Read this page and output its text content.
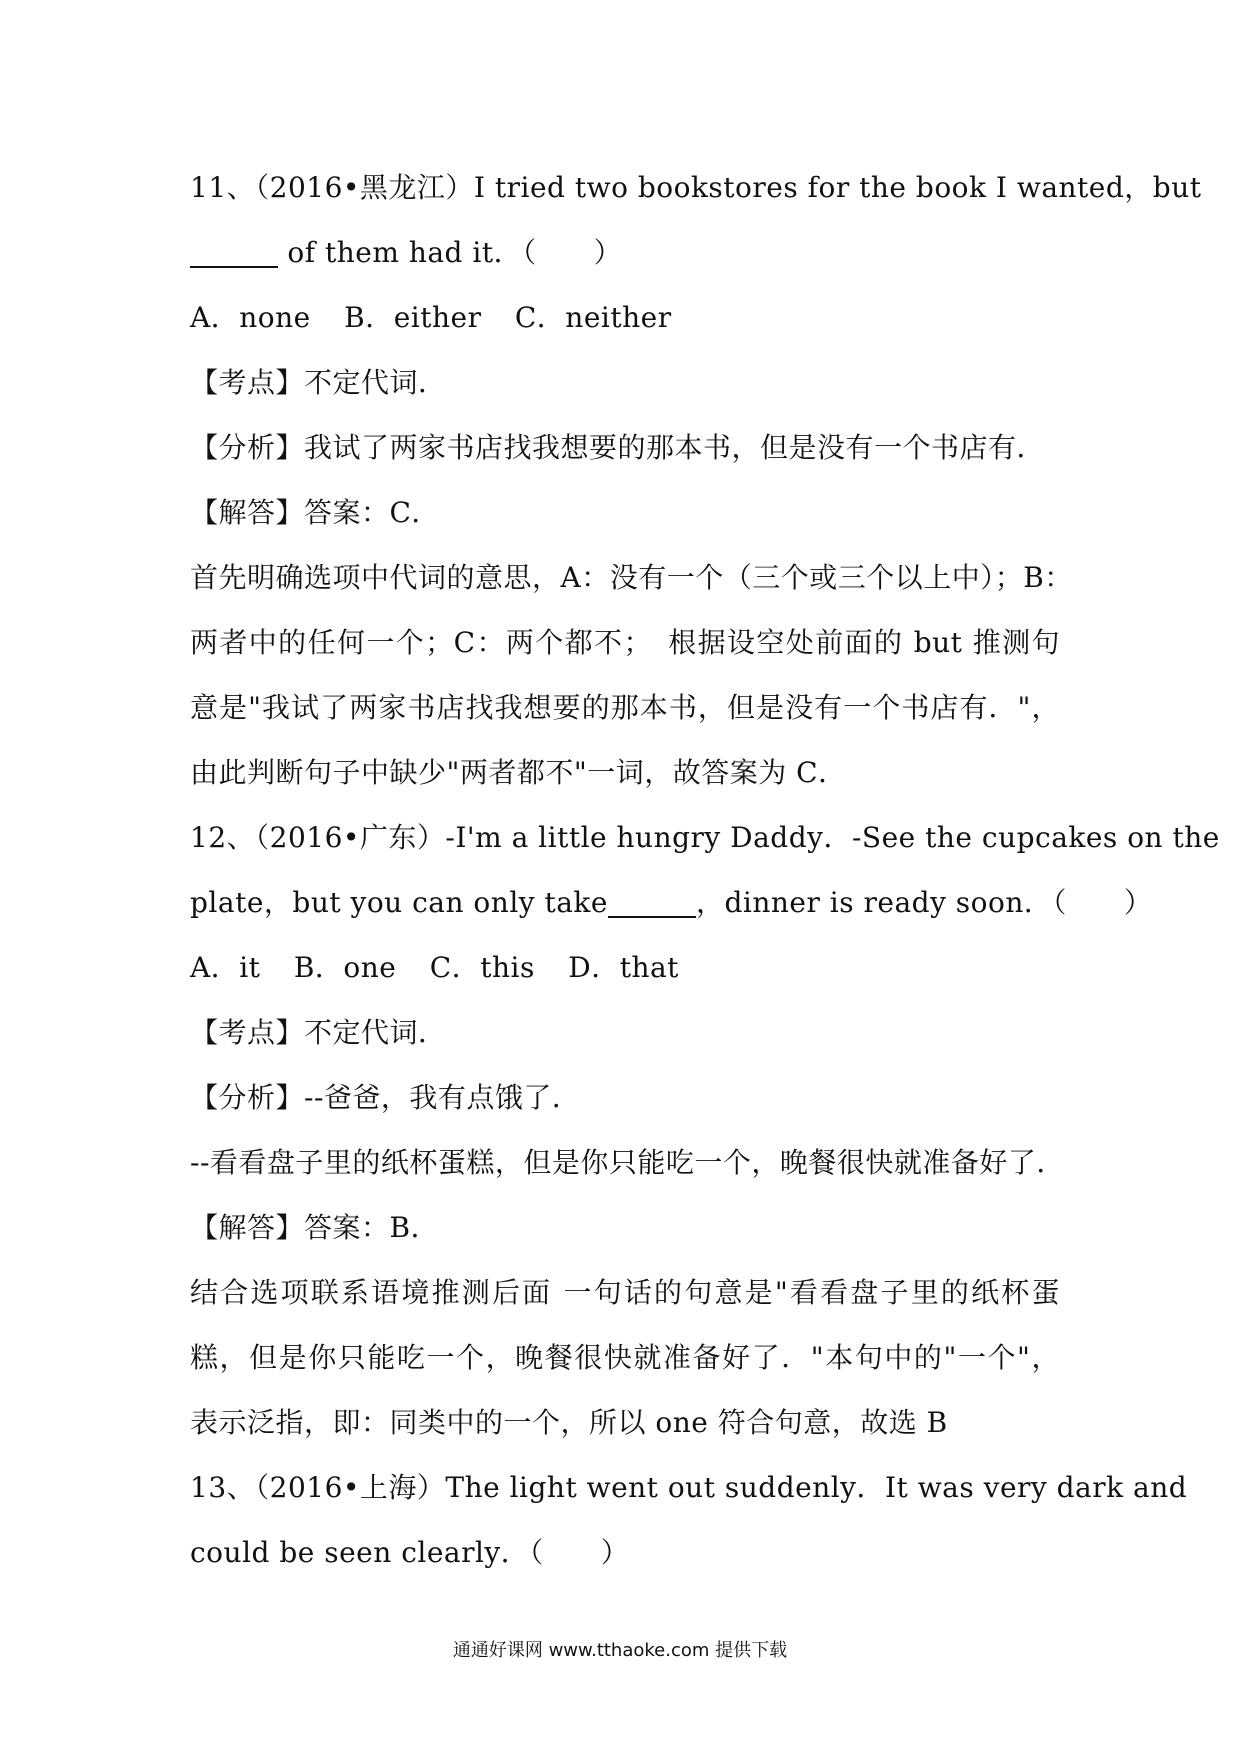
11、（2016•黑龙江）I tried two bookstores for the book I wanted，but
of them had it．（　　）
A．none B．either C．neither
【考点】不定代词．
【分析】我试了两家书店找我想要的那本书，但是没有一个书店有．
【解答】答案：C．
首先明确选项中代词的意思，A：没有一个（三个或三个以上中）；B：
两者中的任何一个；C：两个都不；　根据设空处前面的 but 推测句
意是"我试了两家书店找我想要的那本书，但是没有一个书店有．"，
由此判断句子中缺少"两者都不"一词，故答案为 C．
12、（2016•广东）-I'm a little hungry Daddy．-See the cupcakes on the
plate，but you can only take	，dinner is ready soon．（　　）
A．it B．one C．this D．that
【考点】不定代词．
【分析】--爸爸，我有点饿了．
--看看盘子里的纸杯蛋糕，但是你只能吃一个，晚餐很快就准备好了．
【解答】答案：B．
结合选项联系语境推测后面 一句话的句意是"看看盘子里的纸杯蛋
糕，但是你只能吃一个，晚餐很快就准备好了．"本句中的"一个"，
表示泛指，即：同类中的一个，所以 one 符合句意，故选 B
13、（2016•上海）The light went out suddenly．It was very dark and
could be seen clearly．（　　）
通通好课网 www.tthaoke.com 提供下载
